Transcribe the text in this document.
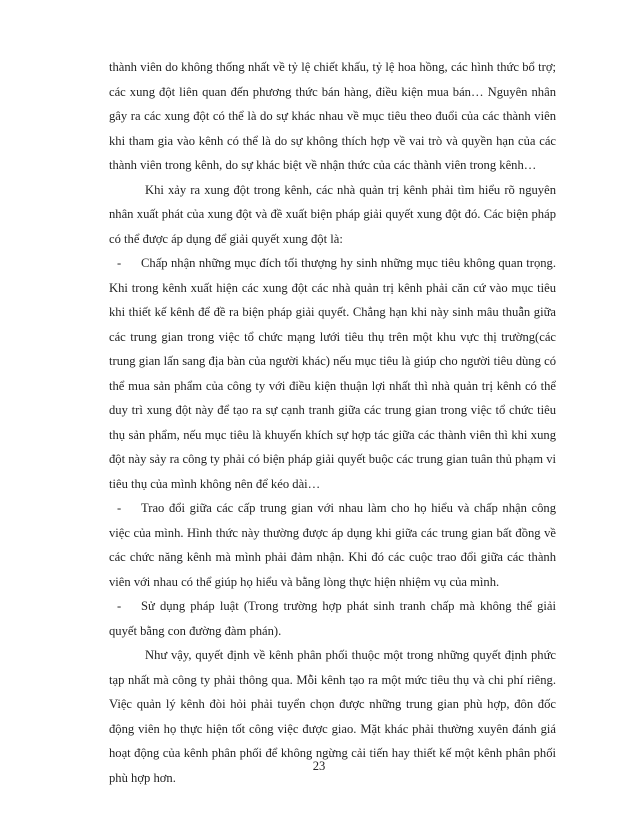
thành viên do không thống nhất về tỷ lệ chiết khấu, tỷ lệ hoa hồng, các hình thức bổ trợ; các xung đột liên quan đến phương thức bán hàng, điều kiện mua bán… Nguyên nhân gây ra các xung đột có thể là do sự khác nhau về mục tiêu theo đuổi của các thành viên khi tham gia vào kênh có thể là do sự không thích hợp về vai trò và quyền hạn của các thành viên trong kênh, do sự khác biệt về nhận thức của các thành viên trong kênh…

Khi xảy ra xung đột trong kênh, các nhà quản trị kênh phải tìm hiểu rõ nguyên nhân xuất phát của xung đột và đề xuất biện pháp giải quyết xung đột đó. Các biện pháp có thể được áp dụng để giải quyết xung đột là:

- Chấp nhận những mục đích tối thượng hy sinh những mục tiêu không quan trọng. Khi trong kênh xuất hiện các xung đột các nhà quản trị kênh phải căn cứ vào mục tiêu khi thiết kế kênh để đề ra biện pháp giải quyết. Chẳng hạn khi này sinh mâu thuẫn giữa các trung gian trong việc tổ chức mạng lưới tiêu thụ trên một khu vực thị trường(các trung gian lấn sang địa bàn của người khác) nếu mục tiêu là giúp cho người tiêu dùng có thể mua sản phẩm của công ty với điều kiện thuận lợi nhất thì nhà quản trị kênh có thể duy trì xung đột này để tạo ra sự cạnh tranh giữa các trung gian trong việc tổ chức tiêu thụ sản phẩm, nếu mục tiêu là khuyến khích sự hợp tác giữa các thành viên thì khi xung đột này sảy ra công ty phải có biện pháp giải quyết buộc các trung gian tuân thủ phạm vi tiêu thụ của mình không nên để kéo dài…

- Trao đổi giữa các cấp trung gian với nhau làm cho họ hiểu và chấp nhận công việc của mình. Hình thức này thường được áp dụng khi giữa các trung gian bất đồng về các chức năng kênh mà mình phải đảm nhận. Khi đó các cuộc trao đổi giữa các thành viên với nhau có thể giúp họ hiểu và bằng lòng thực hiện nhiệm vụ của mình.

- Sử dụng pháp luật (Trong trường hợp phát sinh tranh chấp mà không thể giải quyết bằng con đường đàm phán).

Như vậy, quyết định về kênh phân phối thuộc một trong những quyết định phức tạp nhất mà công ty phải thông qua. Mỗi kênh tạo ra một mức tiêu thụ và chi phí riêng. Việc quản lý kênh đòi hỏi phải tuyển chọn được những trung gian phù hợp, đôn đốc động viên họ thực hiện tốt công việc được giao. Mặt khác phải thường xuyên đánh giá hoạt động của kênh phân phối để không ngừng cải tiến hay thiết kế một kênh phân phối phù hợp hơn.

23
